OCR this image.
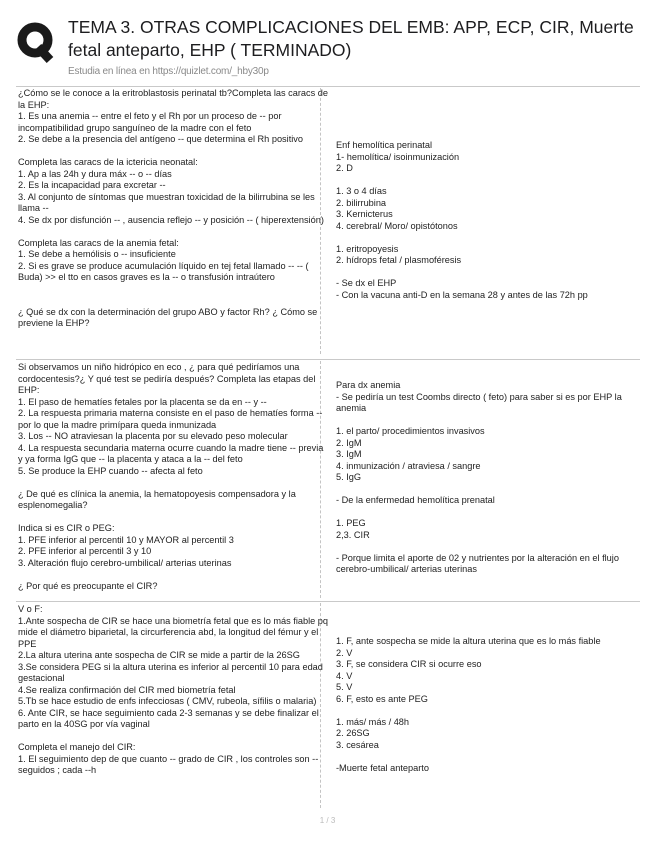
TEMA 3. OTRAS COMPLICACIONES DEL EMB: APP, ECP, CIR, Muerte fetal anteparto, EHP ( TERMINADO)
Estudia en línea en https://quizlet.com/_hby30p
¿Cómo se le conoce a la eritroblastosis perinatal tb?Completa las caracs de la EHP:
1. Es una anemia -- entre el feto y el Rh por un proceso de -- por incompatibilidad grupo sanguíneo de la madre con el feto
2. Se debe a la presencia del antígeno -- que determina el Rh positivo

Completa las caracs de la ictericia neonatal:
1. Ap a las 24h y dura máx -- o -- días
2. Es la incapacidad para excretar --
3. Al conjunto de síntomas que muestran toxicidad de la bilirrubina se les llama --
4. Se dx por disfunción -- , ausencia reflejo -- y posición -- ( hiperextensión)

Completa las caracs de la anemia fetal:
1. Se debe a hemólisis o -- insuficiente
2. Si es grave se produce acumulación líquido en tej fetal llamado -- -- ( Buda) >> el tto en casos graves es la -- o transfusión intraútero

¿ Qué se dx con la determinación del grupo ABO y factor Rh? ¿ Cómo se previene la EHP?
Enf hemolítica perinatal
1- hemolítica/ isoinmunización
2. D

1. 3 o 4 días
2. bilirrubina
3. Kernicterus
4. cerebral/ Moro/ opistótonos

1. eritropoyesis
2. hídrops fetal / plasmoféresis

- Se dx el EHP
- Con la vacuna anti-D en la semana 28 y antes de las 72h pp
Si observamos un niño hidrópico en eco , ¿ para qué pediríamos una cordocentesis?¿ Y qué test se pediría después? Completa las etapas del EHP:
1. El paso de hematíes fetales por la placenta se da en -- y --
2. La respuesta primaria materna consiste en el paso de hematíes forma -- por lo que la madre primípara queda inmunizada
3. Los -- NO atraviesan la placenta por su elevado peso molecular
4. La respuesta secundaria materna ocurre cuando la madre tiene -- previa y ya forma IgG que -- la placenta y ataca a la -- del feto
5. Se produce la EHP cuando -- afecta al feto

¿ De qué es clínica la anemia, la hematopoyesis compensadora y la esplenomegalia?

Indica si es CIR o PEG:
1. PFE inferior al percentil 10 y MAYOR al percentil 3
2. PFE inferior al percentil 3 y 10
3. Alteración flujo cerebro-umbilical/ arterias uterinas

¿ Por qué es preocupante el CIR?
Para dx anemia
- Se pediría un test Coombs directo ( feto) para saber si es por EHP la anemia

1. el parto/ procedimientos invasivos
2. IgM
3. IgM
4. inmunización / atraviesa / sangre
5. IgG

- De la enfermedad hemolítica prenatal

1. PEG
2,3. CIR

- Porque limita el aporte de 02 y nutrientes por la alteración en el flujo cerebro-umbilical/ arterias uterinas
V o F:
1.Ante sospecha de CIR se hace una biometría fetal que es lo más fiable pq mide el diámetro biparietal, la circurferencia abd, la longitud del fémur y el PPE
2.La altura uterina ante sospecha de CIR se mide a partir de la 26SG
3.Se considera PEG si la altura uterina es inferior al percentil 10 para edad gestacional
4.Se realiza confirmación del CIR med biometría fetal
5.Tb se hace estudio de enfs infecciosas ( CMV, rubeola, sífilis o malaria)
6. Ante CIR, se hace seguimiento cada 2-3 semanas y se debe finalizar el parto en la 40SG por vía vaginal

Completa el manejo del CIR:
1. El seguimiento dep de que cuanto -- grado de CIR , los controles son -- seguidos ; cada --h
1. F, ante sospecha se mide la altura uterina que es lo más fiable
2. V
3. F, se considera CIR si ocurre eso
4. V
5. V
6. F, esto es ante PEG

1. más/ más / 48h
2. 26SG
3. cesárea

-Muerte fetal anteparto
1 / 3
